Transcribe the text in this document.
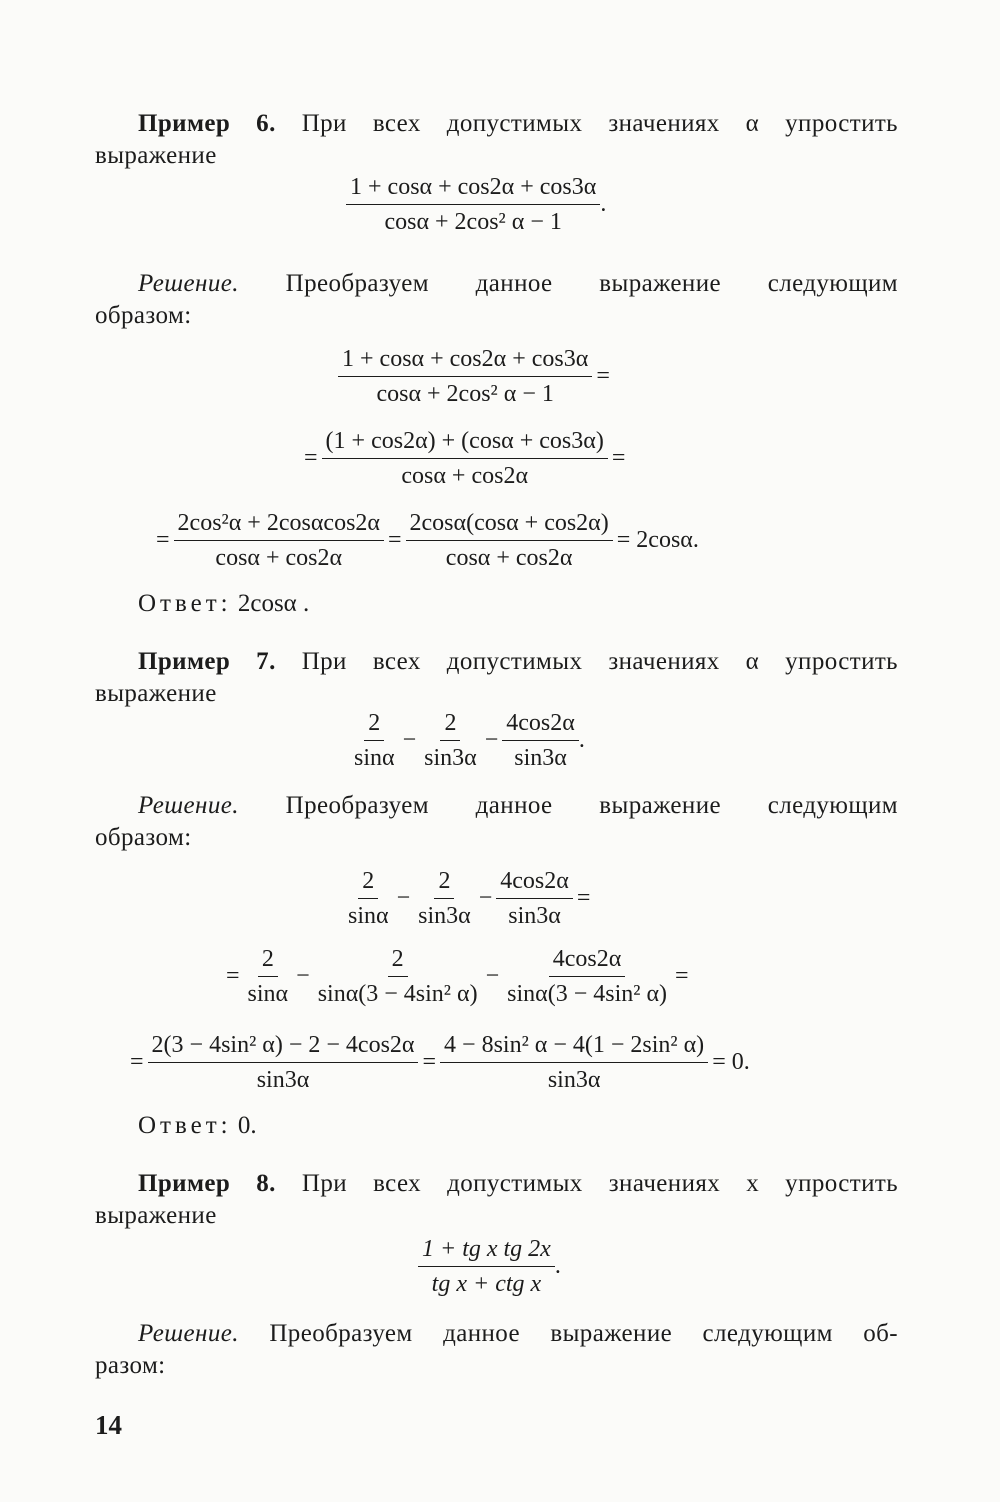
Пример 6. При всех допустимых значениях α упростить
выражение
$\frac{1 + \cos\alpha + \cos 2\alpha + \cos 3\alpha}{\text{cosα + 2cos² α − 1}}$ .
Решение. Преобразуем данное выражение следующим
образом:
$\frac{1 + \cos\alpha + \cos 2\alpha + \cos 3\alpha}{\text{cosα + 2cos² α − 1}}$ =
= $\frac{(1 + \cos 2\alpha) + (\cos\alpha + \cos 3\alpha)}{\cos\alpha + \cos 2\alpha}$ =
= $\frac{\text{2cos²α + 2cosαcos2α}}{\cos\alpha + \cos 2\alpha} = \frac{2\cos\alpha(\cos\alpha + \cos 2\alpha)}{\cos\alpha + \cos 2\alpha} = 2\cos\alpha$.
Ответ: 2cosα .
Пример 7. При всех допустимых значениях α упростить
выражение
$\frac{2}{\sin\alpha} - \frac{2}{\sin 3\alpha} - \frac{4\cos 2\alpha}{\sin 3\alpha}$ .
Решение. Преобразуем данное выражение следующим
образом:
$\frac{2}{\sin\alpha} - \frac{2}{\sin 3\alpha} - \frac{4\cos 2\alpha}{\sin 3\alpha}$ =
= $\frac{2}{\sin\alpha} - \frac{2}{\text{sinα(3 − 4sin² α)}} - \frac{4\cos 2\alpha}{\text{sinα(3 − 4sin² α)}}$ =
= $\frac{\text{2(3 − 4sin² α) − 2 − 4cos2α}}{\sin 3\alpha} = \frac{\text{4 − 8sin² α − 4(1 − 2sin² α)}}{\sin 3\alpha} = 0$.
Ответ: 0.
Пример 8. При всех допустимых значениях x упростить
выражение
$\frac{\text{1 + tg x tg 2x}}{\text{tg x + ctg x}}$ .
Решение. Преобразуем данное выражение следующим об-
разом:
14
